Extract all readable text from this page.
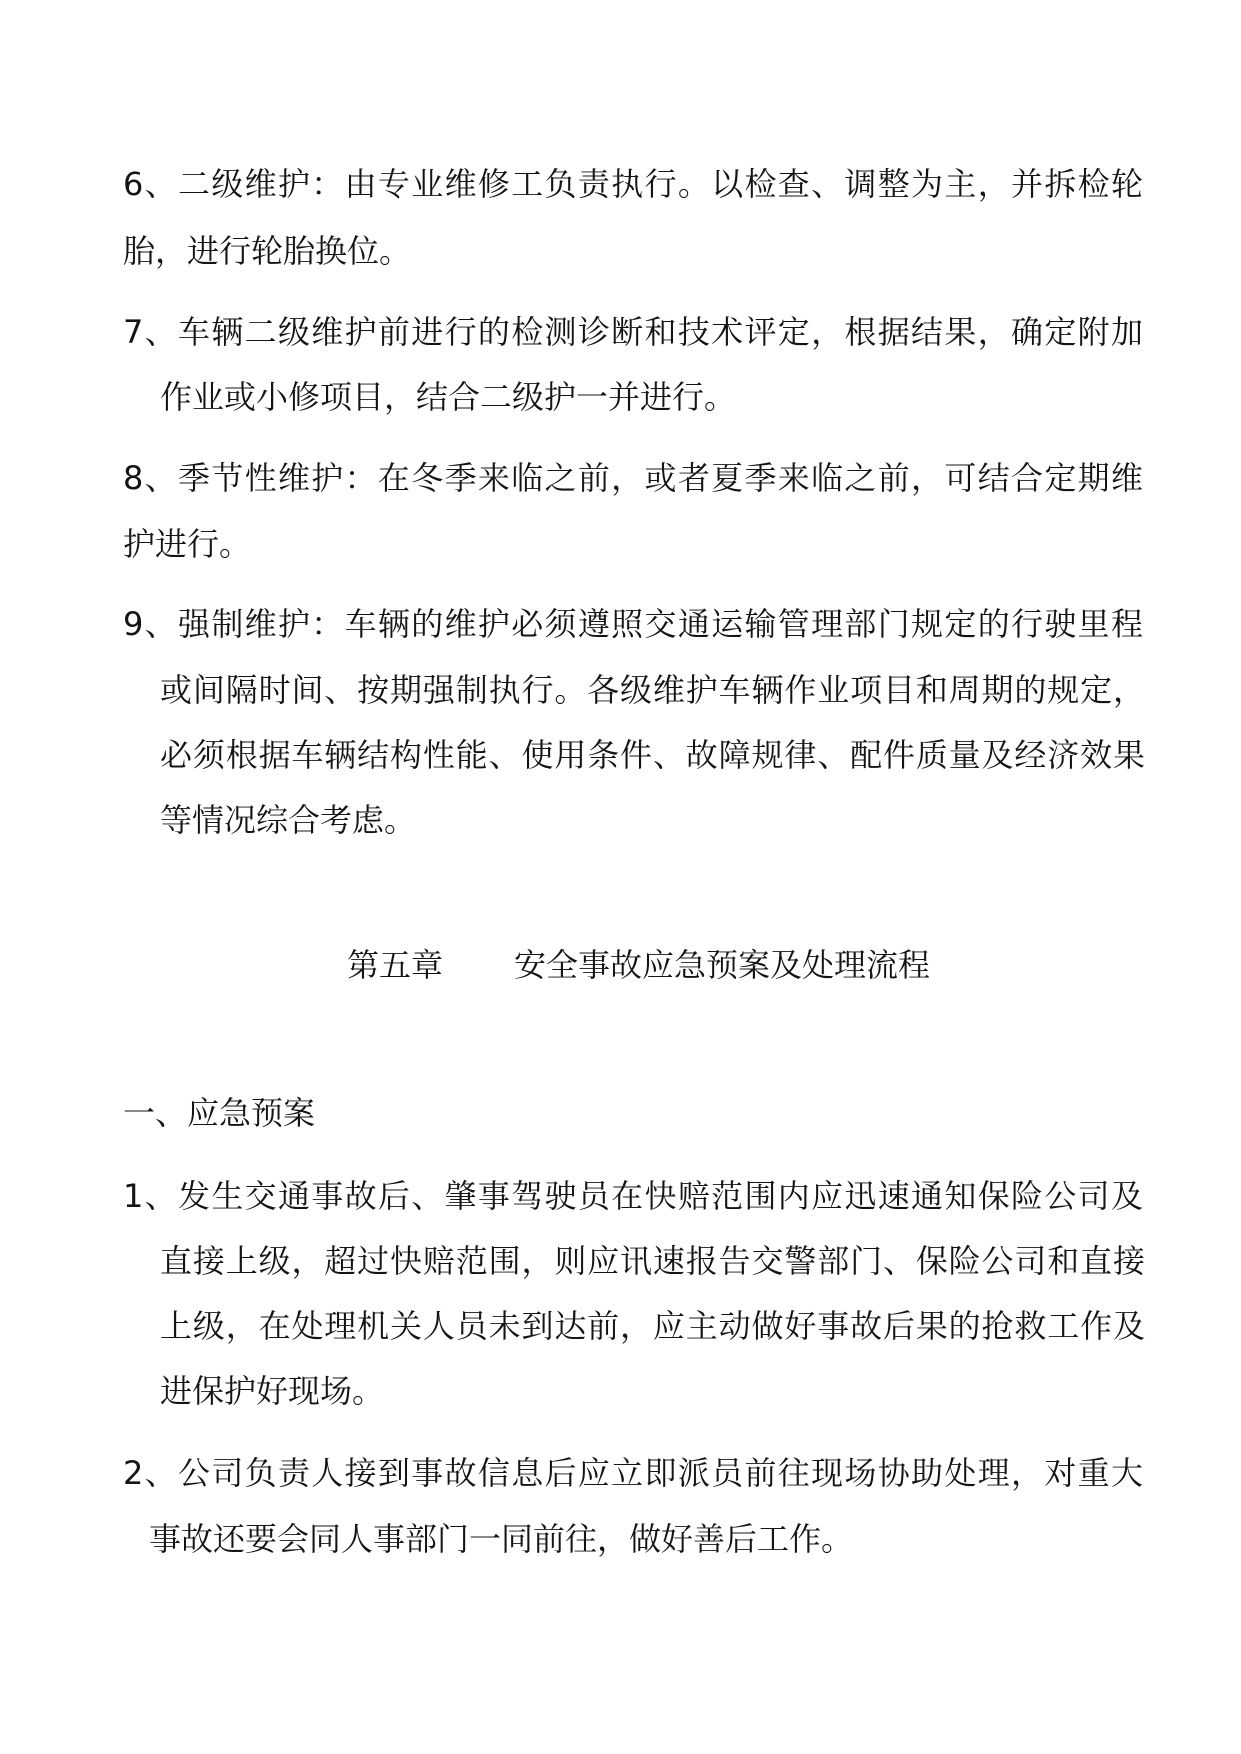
6、二级维护：由专业维修工负责执行。以检查、调整为主，并拆检轮
胎，进行轮胎换位。
7、车辆二级维护前进行的检测诊断和技术评定，根据结果，确定附加
作业或小修项目，结合二级护一并进行。
8、季节性维护：在冬季来临之前，或者夏季来临之前，可结合定期维
护进行。
9、强制维护：车辆的维护必须遵照交通运输管理部门规定的行驶里程
或间隔时间、按期强制执行。各级维护车辆作业项目和周期的规定，
必须根据车辆结构性能、使用条件、故障规律、配件质量及经济效果
等情况综合考虑。
第五章 安全事故应急预案及处理流程
一、应急预案
1、发生交通事故后、肇事驾驶员在快赔范围内应迅速通知保险公司及
直接上级，超过快赔范围，则应讯速报告交警部门、保险公司和直接
上级，在处理机关人员未到达前，应主动做好事故后果的抢救工作及
进保护好现场。
2、公司负责人接到事故信息后应立即派员前往现场协助处理，对重大
事故还要会同人事部门一同前往，做好善后工作。
